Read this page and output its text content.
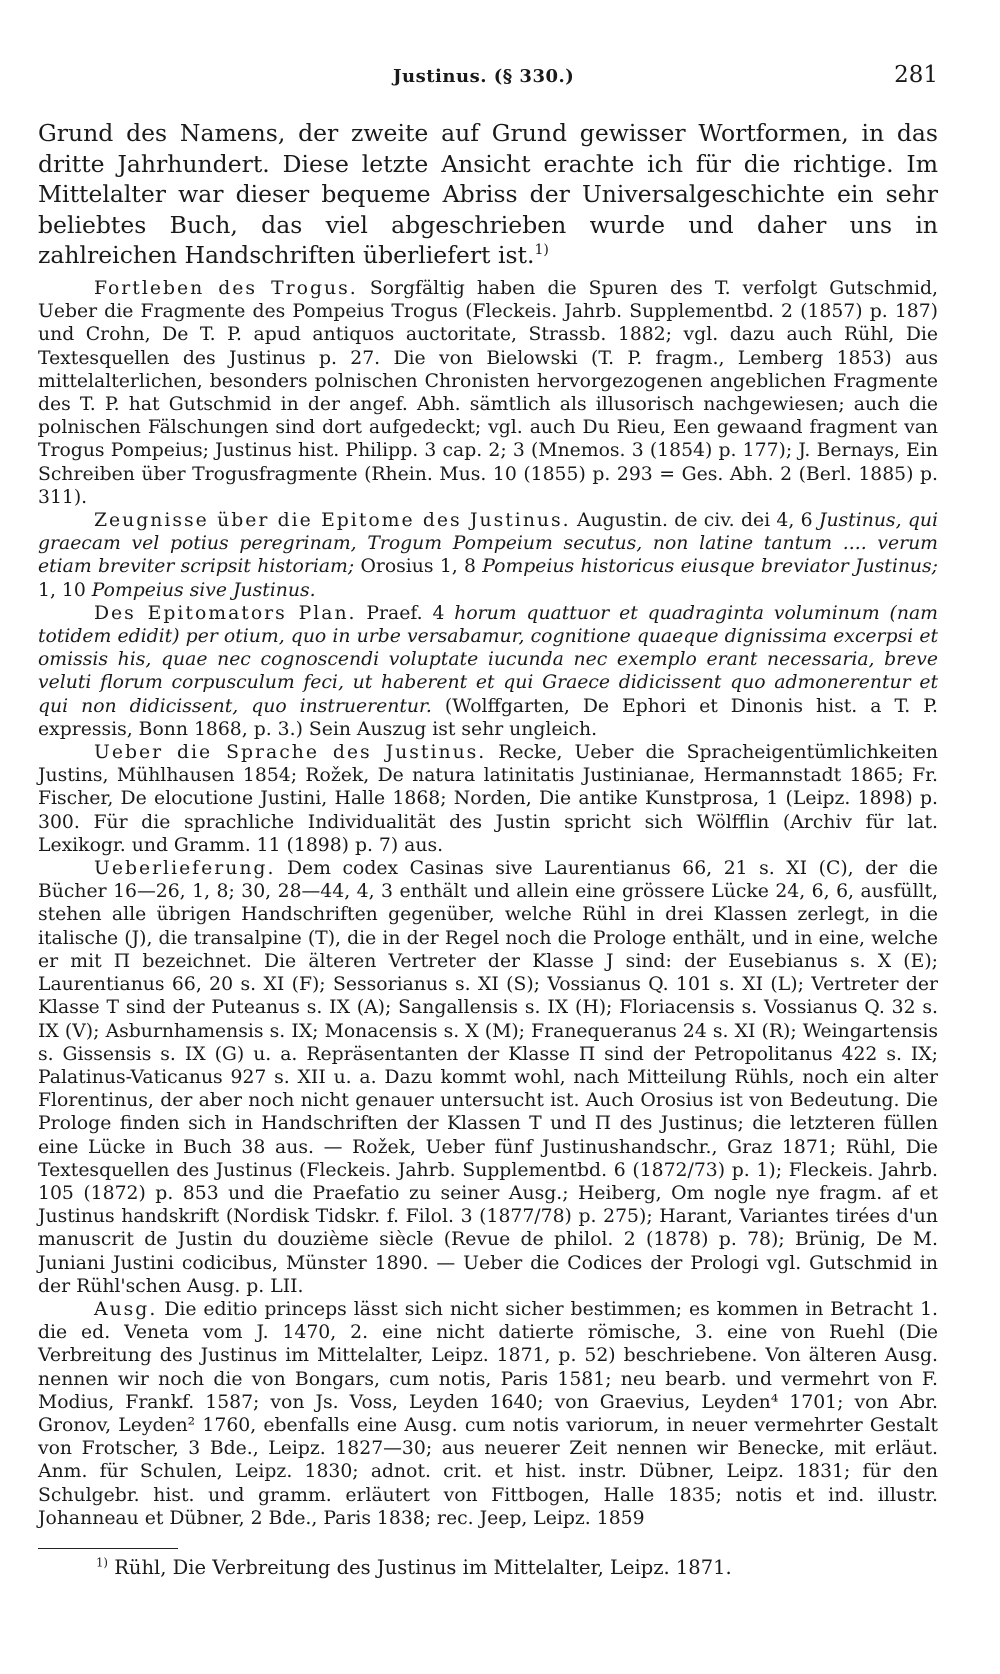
Justinus. (§ 330.)	281
Grund des Namens, der zweite auf Grund gewisser Wortformen, in das dritte Jahrhundert. Diese letzte Ansicht erachte ich für die richtige. Im Mittelalter war dieser bequeme Abriss der Universalgeschichte ein sehr beliebtes Buch, das viel abgeschrieben wurde und daher uns in zahlreichen Handschriften überliefert ist.$^{1)}$

Fortleben des Trogus. Sorgfältig haben die Spuren des T. verfolgt Gutschmid, Ueber die Fragmente des Pompeius Trogus (Fleckeis. Jahrb. Supplementbd. 2 (1857) p. 187) und Crohn, De T. P. apud antiquos auctoritate, Strassb. 1882; vgl. dazu auch Rühl, Die Textesquellen des Justinus p. 27. Die von Bielowski (T. P. fragm., Lemberg 1853) aus mittelalterlichen, besonders polnischen Chronisten hervorgezogenen angeblichen Fragmente des T. P. hat Gutschmid in der angef. Abh. sämtlich als illusorisch nachgewiesen; auch die polnischen Fälschungen sind dort aufgedeckt; vgl. auch Du Rieu, Een gewaand fragment van Trogus Pompeius; Justinus hist. Philipp. 3 cap. 2; 3 (Mnemos. 3 (1854) p. 177); J. Bernays, Ein Schreiben über Trogusfragmente (Rhein. Mus. 10 (1855) p. 293 = Ges. Abh. 2 (Berl. 1885) p. 311).

Zeugnisse über die Epitome des Justinus. Augustin. de civ. dei 4, 6 Justinus, qui graecam vel potius peregrinam, Trogum Pompeium secutus, non latine tantum .... verum etiam breviter scripsit historiam; Orosius 1, 8 Pompeius historicus eiusque breviator Justinus; 1, 10 Pompeius sive Justinus.

Des Epitomators Plan. Praef. 4 horum quattuor et quadraginta voluminum (nam totidem edidit) per otium, quo in urbe versabamur, cognitione quaeque dignissima excerpsi et omissis his, quae nec cognoscendi voluptate iucunda nec exemplo erant necessaria, breve veluti florum corpusculum feci, ut haberent et qui Graece didicissent quo admonerentur et qui non didicissent, quo instruerentur. (Wolffgarten, De Ephori et Dinonis hist. a T. P. expressis, Bonn 1868, p. 3.) Sein Auszug ist sehr ungleich.

Ueber die Sprache des Justinus. Recke, Ueber die Spracheigentümlichkeiten Justins, Mühlhausen 1854; Rožek, De natura latinitatis Justinianae, Hermannstadt 1865; Fr. Fischer, De elocutione Justini, Halle 1868; Norden, Die antike Kunstprosa, 1 (Leipz. 1898) p. 300. Für die sprachliche Individualität des Justin spricht sich Wölfflin (Archiv für lat. Lexikogr. und Gramm. 11 (1898) p. 7) aus.

Ueberlieferung. Dem codex Casinas sive Laurentianus 66, 21 s. XI (C), der die Bücher 16—26, 1, 8; 30, 28—44, 4, 3 enthält und allein eine grössere Lücke 24, 6, 6, ausfüllt, stehen alle übrigen Handschriften gegenüber, welche Rühl in drei Klassen zerlegt, in die italische (J), die transalpine (T), die in der Regel noch die Prologe enthält, und in eine, welche er mit Π bezeichnet. Die älteren Vertreter der Klasse J sind: der Eusebianus s. X (E); Laurentianus 66, 20 s. XI (F); Sessorianus s. XI (S); Vossianus Q. 101 s. XI (L); Vertreter der Klasse T sind der Puteanus s. IX (A); Sangallensis s. IX (H); Floriacensis s. Vossianus Q. 32 s. IX (V); Asburnhamensis s. IX; Monacensis s. X (M); Franequeranus 24 s. XI (R); Weingartensis s. Gissensis s. IX (G) u. a. Repräsentanten der Klasse Π sind der Petropolitanus 422 s. IX; Palatinus-Vaticanus 927 s. XII u. a. Dazu kommt wohl, nach Mitteilung Rühls, noch ein alter Florentinus, der aber noch nicht genauer untersucht ist. Auch Orosius ist von Bedeutung. Die Prologe finden sich in Handschriften der Klassen T und Π des Justinus; die letzteren füllen eine Lücke in Buch 38 aus. — Rožek, Ueber fünf Justinushandschr., Graz 1871; Rühl, Die Textesquellen des Justinus (Fleckeis. Jahrb. Supplementbd. 6 (1872/73) p. 1); Fleckeis. Jahrb. 105 (1872) p. 853 und die Praefatio zu seiner Ausg.; Heiberg, Om nogle nye fragm. af et Justinus handskrift (Nordisk Tidskr. f. Filol. 3 (1877/78) p. 275); Harant, Variantes tirées d'un manuscrit de Justin du douzième siècle (Revue de philol. 2 (1878) p. 78); Brünig, De M. Juniani Justini codicibus, Münster 1890. — Ueber die Codices der Prologi vgl. Gutschmid in der Rühl'schen Ausg. p. LII.

Ausg. Die editio princeps lässt sich nicht sicher bestimmen; es kommen in Betracht 1. die ed. Veneta vom J. 1470, 2. eine nicht datierte römische, 3. eine von Ruehl (Die Verbreitung des Justinus im Mittelalter, Leipz. 1871, p. 52) beschriebene. Von älteren Ausg. nennen wir noch die von Bongars, cum notis, Paris 1581; neu bearb. und vermehrt von F. Modius, Frankf. 1587; von Js. Voss, Leyden 1640; von Graevius, Leyden⁴ 1701; von Abr. Gronov, Leyden² 1760, ebenfalls eine Ausg. cum notis variorum, in neuer vermehrter Gestalt von Frotscher, 3 Bde., Leipz. 1827—30; aus neuerer Zeit nennen wir Benecke, mit erläut. Anm. für Schulen, Leipz. 1830; adnot. crit. et hist. instr. Dübner, Leipz. 1831; für den Schulgebr. hist. und gramm. erläutert von Fittbogen, Halle 1835; notis et ind. illustr. Johanneau et Dübner, 2 Bde., Paris 1838; rec. Jeep, Leipz. 1859

$^{1)}$ Rühl, Die Verbreitung des Justinus im Mittelalter, Leipz. 1871.
